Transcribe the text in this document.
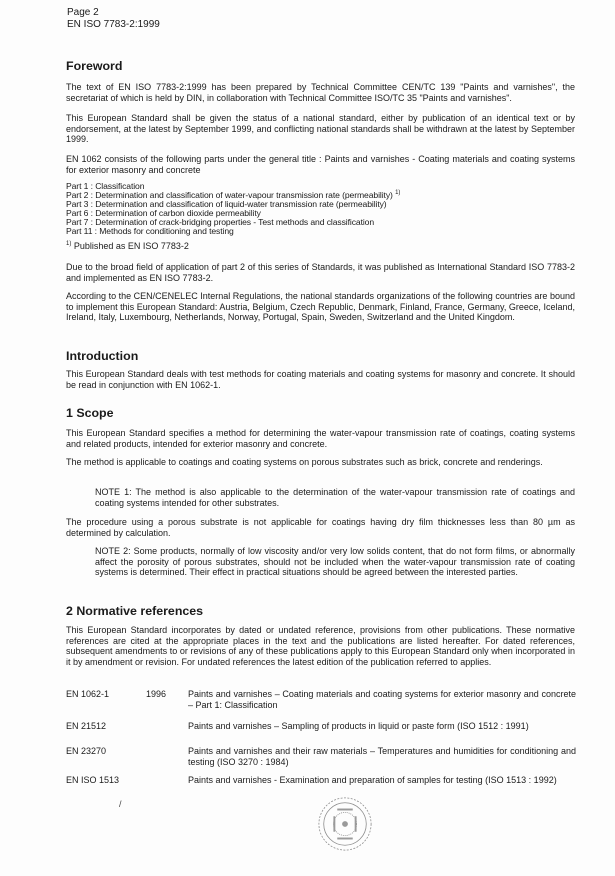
Page 2
EN ISO 7783-2:1999
Foreword

The text of EN ISO 7783-2:1999 has been prepared by Technical Committee CEN/TC 139 "Paints and varnishes", the secretariat of which is held by DIN, in collaboration with Technical Committee ISO/TC 35 "Paints and varnishes".

This European Standard shall be given the status of a national standard, either by publication of an identical text or by endorsement, at the latest by September 1999, and conflicting national standards shall be withdrawn at the latest by September 1999.

EN 1062 consists of the following parts under the general title : Paints and varnishes - Coating materials and coating systems for exterior masonry and concrete

Part 1 : Classification
Part 2 : Determination and classification of water-vapour transmission rate (permeability) $^{1)}$
Part 3 : Determination and classification of liquid-water transmission rate (permeability)
Part 6 : Determination of carbon dioxide permeability
Part 7 : Determination of crack-bridging properties - Test methods and classification
Part 11 : Methods for conditioning and testing
$^{1)}$ Published as EN ISO 7783-2

Due to the broad field of application of part 2 of this series of Standards, it was published as International Standard ISO 7783-2 and implemented as EN ISO 7783-2.

According to the CEN/CENELEC Internal Regulations, the national standards organizations of the following countries are bound to implement this European Standard: Austria, Belgium, Czech Republic, Denmark, Finland, France, Germany, Greece, Iceland, Ireland, Italy, Luxembourg, Netherlands, Norway, Portugal, Spain, Sweden, Switzerland and the United Kingdom.

Introduction

This European Standard deals with test methods for coating materials and coating systems for masonry and concrete. It should be read in conjunction with EN 1062-1.

1 Scope

This European Standard specifies a method for determining the water-vapour transmission rate of coatings, coating systems and related products, intended for exterior masonry and concrete.

The method is applicable to coatings and coating systems on porous substrates such as brick, concrete and renderings.

NOTE 1: The method is also applicable to the determination of the water-vapour transmission rate of coatings and coating systems intended for other substrates.

The procedure using a porous substrate is not applicable for coatings having dry film thicknesses less than 80 µm as determined by calculation.

NOTE 2: Some products, normally of low viscosity and/or very low solids content, that do not form films, or abnormally affect the porosity of porous substrates, should not be included when the water-vapour transmission rate of coating systems is determined. Their effect in practical situations should be agreed between the interested parties.

2 Normative references

This European Standard incorporates by dated or undated reference, provisions from other publications. These normative references are cited at the appropriate places in the text and the publications are listed hereafter. For dated references, subsequent amendments to or revisions of any of these publications apply to this European Standard only when incorporated in it by amendment or revision. For undated references the latest edition of the publication referred to applies.

EN 1062-1	1996 Paints and varnishes – Coating materials and coating systems for exterior masonry and concrete – Part 1: Classification
EN 21512	Paints and varnishes – Sampling of products in liquid or paste form (ISO 1512 : 1991)
EN 23270	Paints and varnishes and their raw materials – Temperatures and humidities for conditioning and testing (ISO 3270 : 1984)
EN ISO 1513	Paints and varnishes - Examination and preparation of samples for testing (ISO 1513 : 1992)
/
